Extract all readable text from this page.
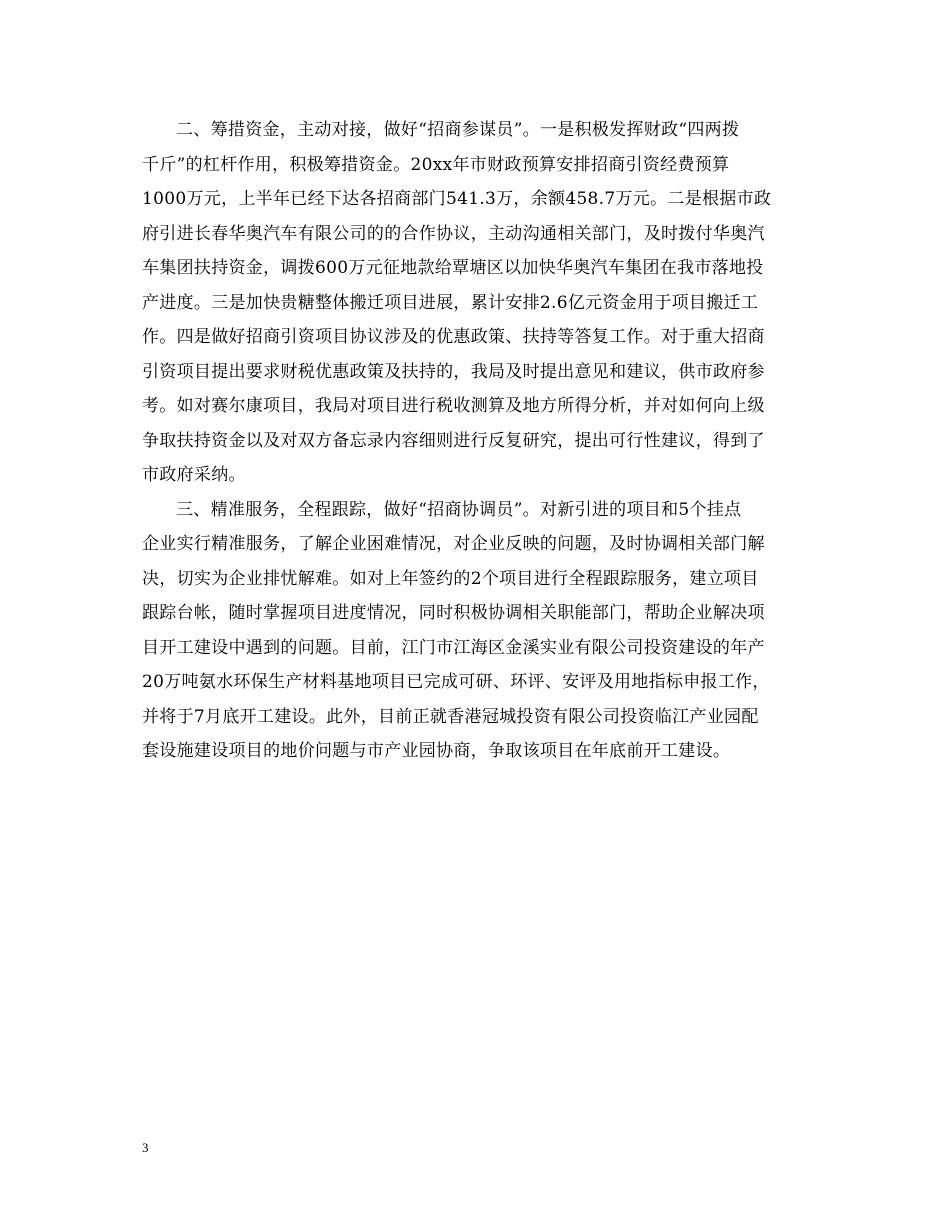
二、筹措资金，主动对接，做好“招商参谋员”。一是积极发挥财政“四两拨
千斤”的杠杆作用，积极筹措资金。20xx年市财政预算安排招商引资经费预算
1000万元，上半年已经下达各招商部门541.3万，余额458.7万元。二是根据市政
府引进长春华奥汽车有限公司的的合作协议，主动沟通相关部门，及时拨付华奥汽
车集团扶持资金，调拨600万元征地款给覃塘区以加快华奥汽车集团在我市落地投
产进度。三是加快贵糖整体搬迁项目进展，累计安排2.6亿元资金用于项目搬迁工
作。四是做好招商引资项目协议涉及的优惠政策、扶持等答复工作。对于重大招商
引资项目提出要求财税优惠政策及扶持的，我局及时提出意见和建议，供市政府参
考。如对赛尔康项目，我局对项目进行税收测算及地方所得分析，并对如何向上级
争取扶持资金以及对双方备忘录内容细则进行反复研究，提出可行性建议，得到了
市政府采纳。

三、精准服务，全程跟踪，做好“招商协调员”。对新引进的项目和5个挂点
企业实行精准服务，了解企业困难情况，对企业反映的问题，及时协调相关部门解
决，切实为企业排忧解难。如对上年签约的2个项目进行全程跟踪服务，建立项目
跟踪台帐，随时掌握项目进度情况，同时积极协调相关职能部门，帮助企业解决项
目开工建设中遇到的问题。目前，江门市江海区金溪实业有限公司投资建设的年产
20万吨氨水环保生产材料基地项目已完成可研、环评、安评及用地指标申报工作，
并将于7月底开工建设。此外，目前正就香港冠城投资有限公司投资临江产业园配
套设施建设项目的地价问题与市产业园协商，争取该项目在年底前开工建设。

3
